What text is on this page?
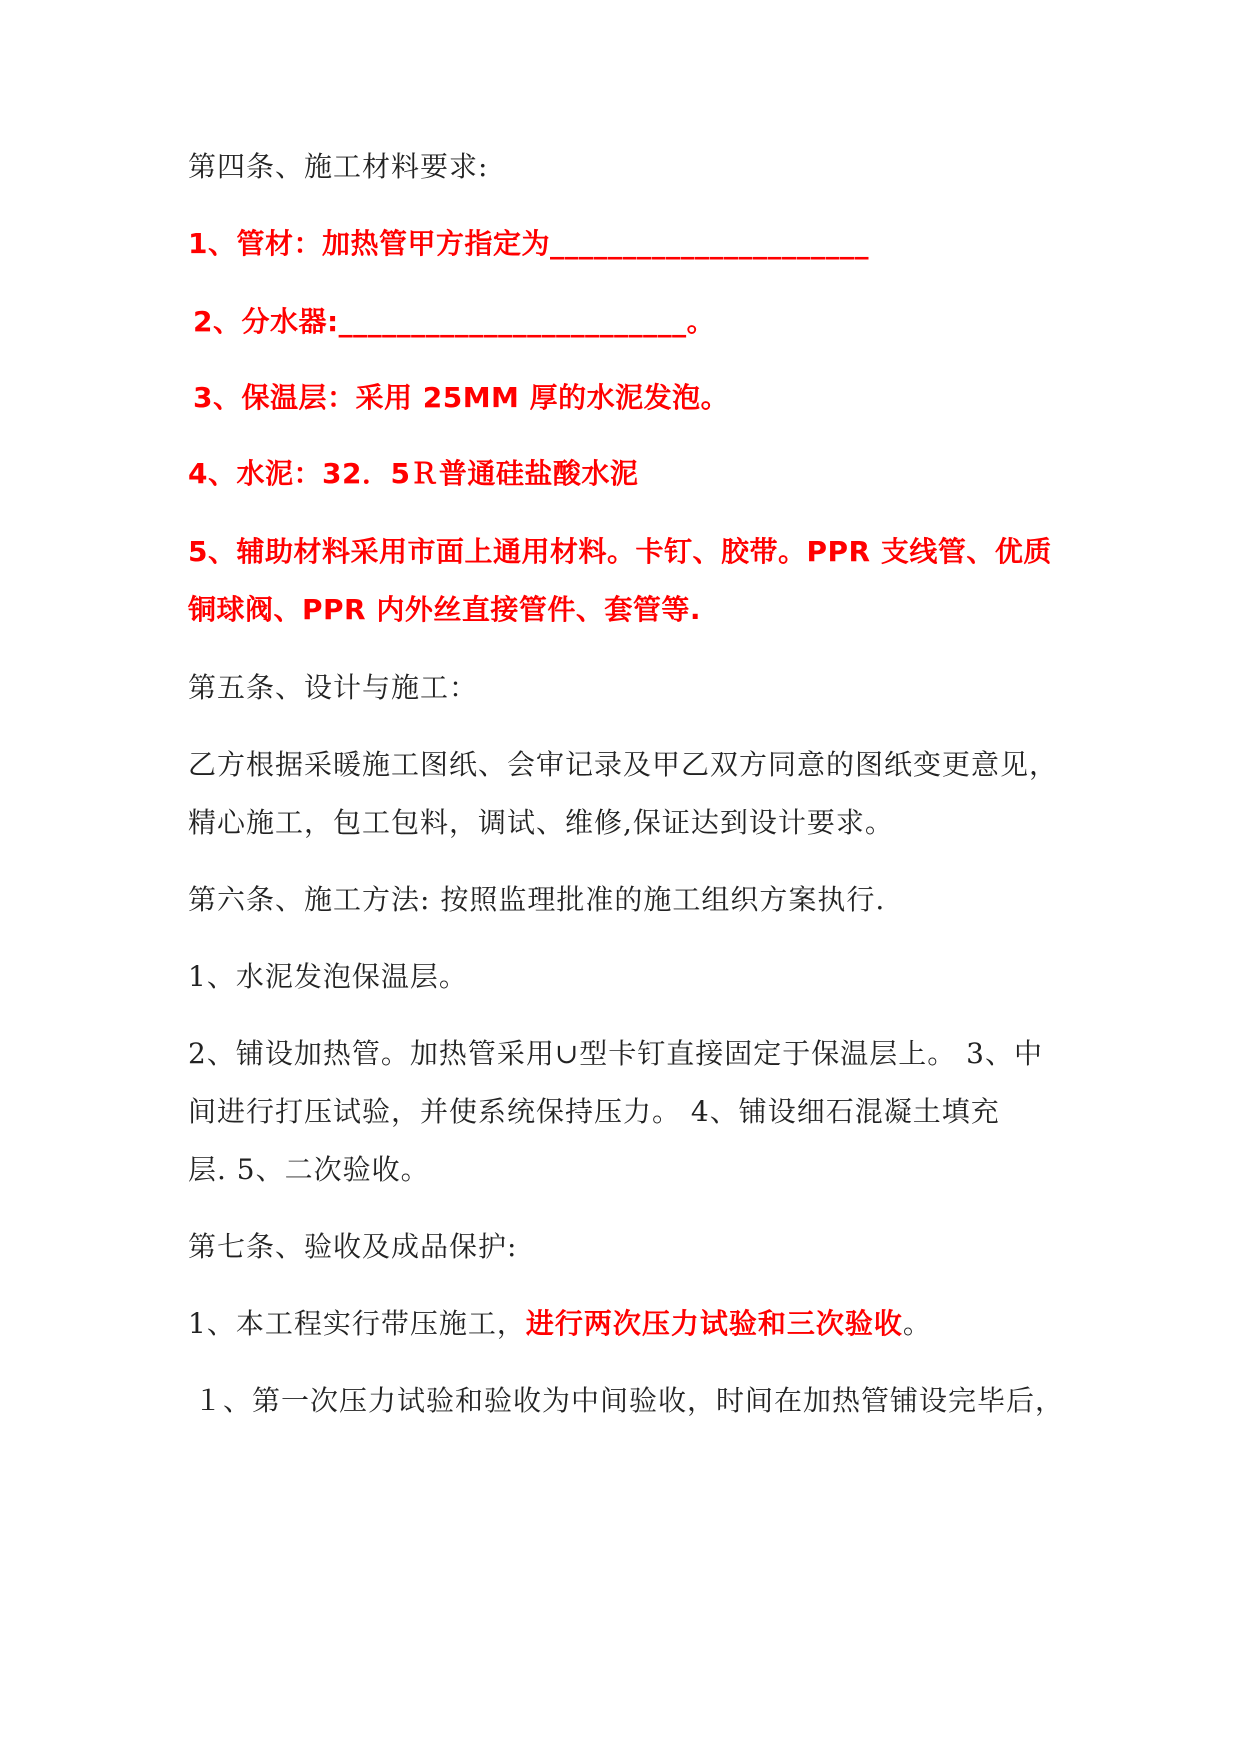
第四条、施工材料要求:
1、管材：加热管甲方指定为______________________
2、分水器:________________________。
3、保温层：采用 25MM 厚的水泥发泡。
4、水泥：32．5Ｒ普通硅盐酸水泥
5、辅助材料采用市面上通用材料。卡钉、胶带。PPR 支线管、优质
铜球阀、PPR 内外丝直接管件、套管等.
第五条、设计与施工：
乙方根据采暖施工图纸、会审记录及甲乙双方同意的图纸变更意见，
精心施工，包工包料，调试、维修,保证达到设计要求。
第六条、施工方法: 按照监理批准的施工组织方案执行.
1、水泥发泡保温层。
2、铺设加热管。加热管采用∪型卡钉直接固定于保温层上。 3、中
间进行打压试验，并使系统保持压力。 4、铺设细石混凝土填充
层. 5、二次验收。
第七条、验收及成品保护:
1、本工程实行带压施工，进行两次压力试验和三次验收。
１、第一次压力试验和验收为中间验收，时间在加热管铺设完毕后，
